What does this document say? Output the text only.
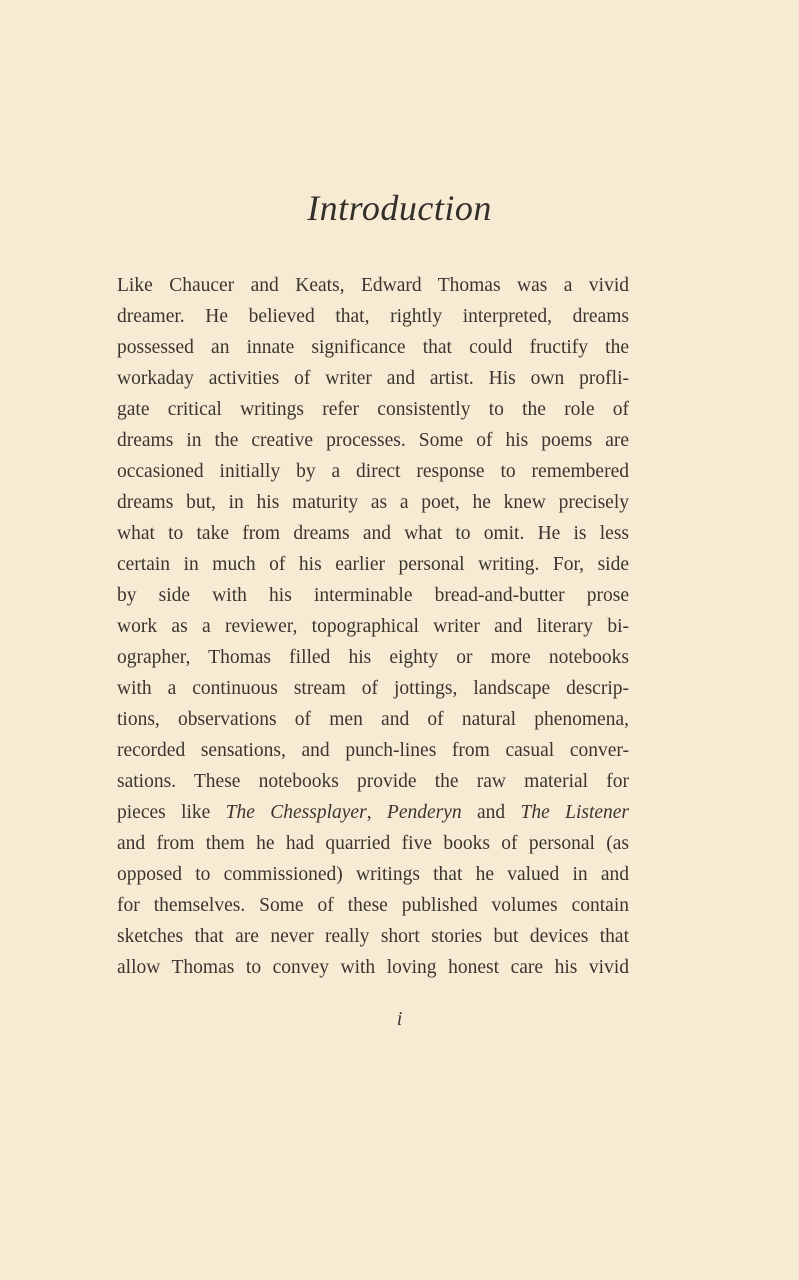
Introduction
Like Chaucer and Keats, Edward Thomas was a vivid
dreamer. He believed that, rightly interpreted, dreams
possessed an innate significance that could fructify the
workaday activities of writer and artist. His own profli-
gate critical writings refer consistently to the role of
dreams in the creative processes. Some of his poems are
occasioned initially by a direct response to remembered
dreams but, in his maturity as a poet, he knew precisely
what to take from dreams and what to omit. He is less
certain in much of his earlier personal writing. For, side
by side with his interminable bread-and-butter prose
work as a reviewer, topographical writer and literary bi-
ographer, Thomas filled his eighty or more notebooks
with a continuous stream of jottings, landscape descrip-
tions, observations of men and of natural phenomena,
recorded sensations, and punch-lines from casual conver-
sations. These notebooks provide the raw material for
pieces like The Chessplayer, Penderyn and The Listener
and from them he had quarried five books of personal (as
opposed to commissioned) writings that he valued in and
for themselves. Some of these published volumes contain
sketches that are never really short stories but devices that
allow Thomas to convey with loving honest care his vivid
i
